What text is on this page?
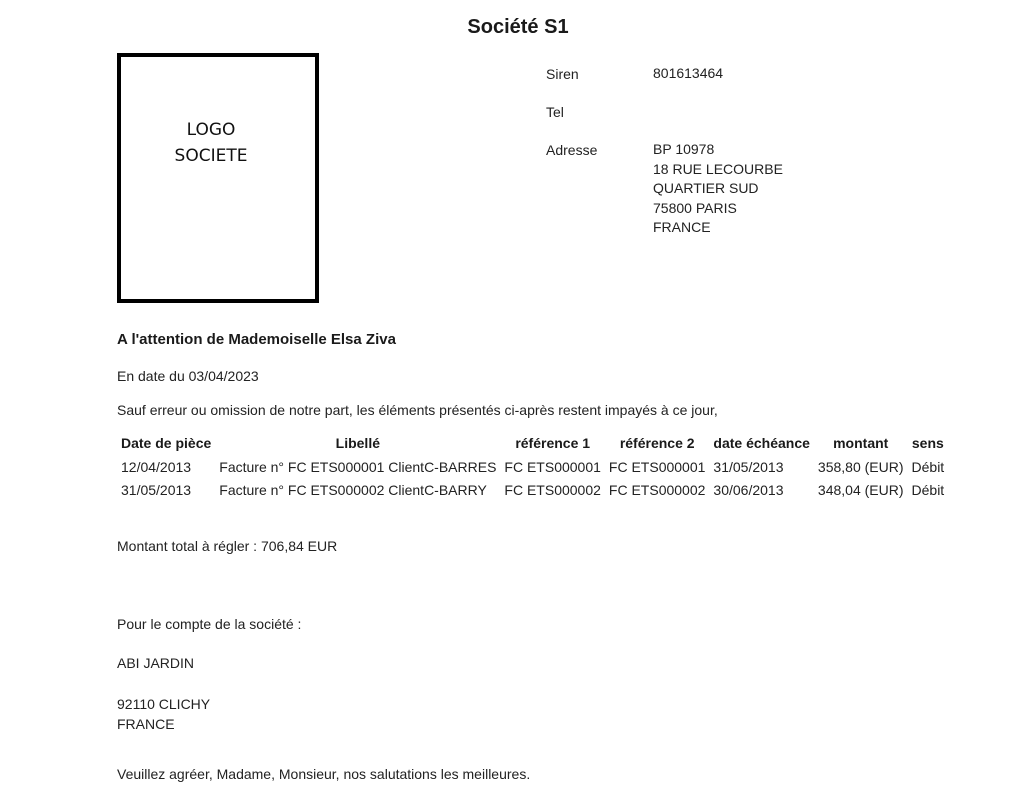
Société S1
LOGO
SOCIETE
Siren	801613464
Tel
Adresse	BP 10978
18 RUE LECOURBE
QUARTIER SUD
75800 PARIS
FRANCE
A l'attention de Mademoiselle Elsa Ziva
En date du 03/04/2023
Sauf erreur ou omission de notre part, les éléments présentés ci-après restent impayés à ce jour,
Date de pièce	Libellé	référence 1	référence 2	date échéance	montant	sens
12/04/2013	Facture n° FC ETS000001 ClientC-BARRES	FC ETS000001	FC ETS000001	31/05/2013	358,80 (EUR)	Débit
31/05/2013	Facture n° FC ETS000002 ClientC-BARRY	FC ETS000002	FC ETS000002	30/06/2013	348,04 (EUR)	Débit
Montant total à régler : 706,84 EUR
Pour le compte de la société :
ABI JARDIN
92110 CLICHY
FRANCE
Veuillez agréer, Madame, Monsieur, nos salutations les meilleures.
